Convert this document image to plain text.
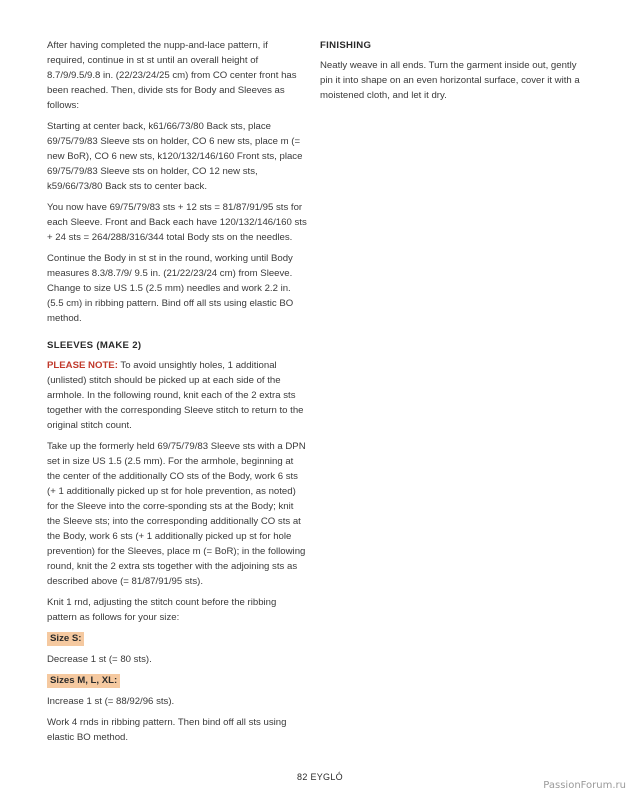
After having completed the nupp-and-lace pattern, if required, continue in st st until an overall height of 8.7/9/9.5/9.8 in. (22/23/24/25 cm) from CO center front has been reached. Then, divide sts for Body and Sleeves as follows:

Starting at center back, k61/66/73/80 Back sts, place 69/75/79/83 Sleeve sts on holder, CO 6 new sts, place m (= new BoR), CO 6 new sts, k120/132/146/160 Front sts, place 69/75/79/83 Sleeve sts on holder, CO 12 new sts, k59/66/73/80 Back sts to center back.

You now have 69/75/79/83 sts + 12 sts = 81/87/91/95 sts for each Sleeve. Front and Back each have 120/132/146/160 sts + 24 sts = 264/288/316/344 total Body sts on the needles.

Continue the Body in st st in the round, working until Body measures 8.3/8.7/9/ 9.5 in. (21/22/23/24 cm) from Sleeve. Change to size US 1.5 (2.5 mm) needles and work 2.2 in. (5.5 cm) in ribbing pattern. Bind off all sts using elastic BO method.

SLEEVES (MAKE 2)

PLEASE NOTE: To avoid unsightly holes, 1 additional (unlisted) stitch should be picked up at each side of the armhole. In the following round, knit each of the 2 extra sts together with the corresponding Sleeve stitch to return to the original stitch count.

Take up the formerly held 69/75/79/83 Sleeve sts with a DPN set in size US 1.5 (2.5 mm). For the armhole, beginning at the center of the additionally CO sts of the Body, work 6 sts (+ 1 additionally picked up st for hole prevention, as noted) for the Sleeve into the corre-sponding sts at the Body; knit the Sleeve sts; into the corresponding additionally CO sts at the Body, work 6 sts (+ 1 additionally picked up st for hole prevention) for the Sleeves, place m (= BoR); in the following round, knit the 2 extra sts together with the adjoining sts as described above (= 81/87/91/95 sts).

Knit 1 rnd, adjusting the stitch count before the ribbing pattern as follows for your size:

Size S:

Decrease 1 st (= 80 sts).

Sizes M, L, XL:

Increase 1 st (= 88/92/96 sts).

Work 4 rnds in ribbing pattern. Then bind off all sts using elastic BO method.

FINISHING

Neatly weave in all ends. Turn the garment inside out, gently pin it into shape on an even horizontal surface, cover it with a moistened cloth, and let it dry.

82 EYGLÓ
PassionForum.ru
